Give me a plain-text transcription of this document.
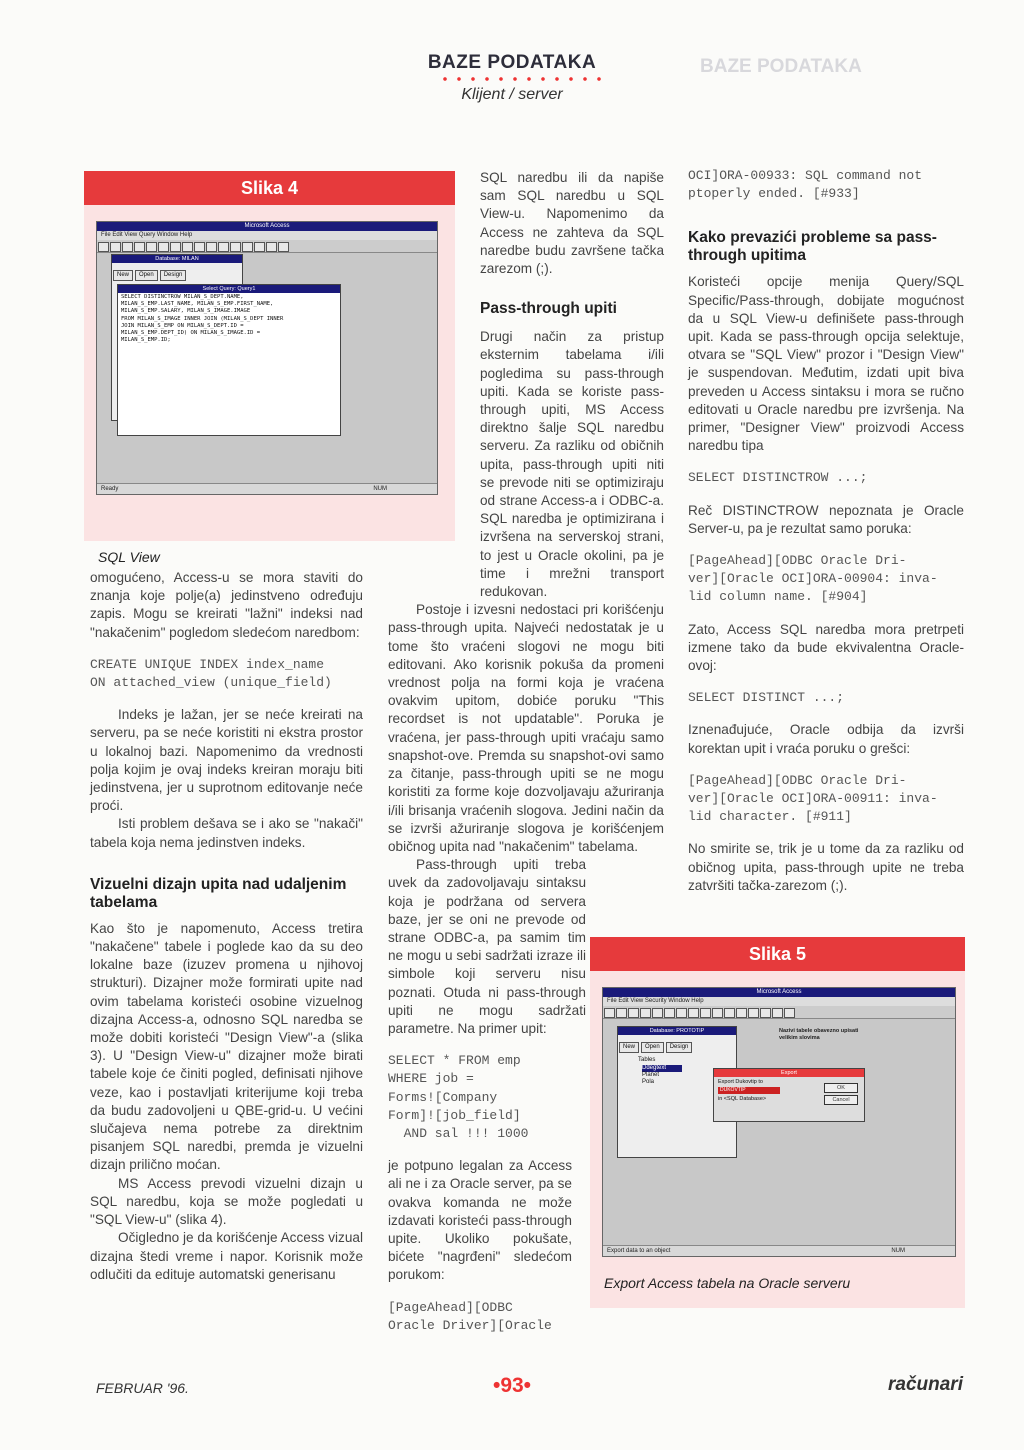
BAZE PODATAKA
BAZE PODATAKA
Klijent / server
Slika 4
Microsoft Access
File Edit View Query Window Help
Database: MILAN
New Open Design
Select Query: Query1
SELECT DISTINCTROW MILAN_S_DEPT.NAME,
MILAN_S_EMP.LAST_NAME, MILAN_S_EMP.FIRST_NAME,
MILAN_S_EMP.SALARY, MILAN_S_IMAGE.IMAGE
FROM MILAN_S_IMAGE INNER JOIN (MILAN_S_DEPT INNER
JOIN MILAN_S_EMP ON MILAN_S_DEPT.ID =
MILAN_S_EMP.DEPT_ID) ON MILAN_S_IMAGE.ID =
MILAN_S_EMP.ID;
Ready	NUM
SQL View

omogućeno, Access-u se mora staviti do znanja koje polje(a) jedinstveno određuju zapis. Mogu se kreirati "lažni" indeksi nad "nakačenim" pogledom sledećom naredbom:

CREATE UNIQUE INDEX index_name
ON attached_view (unique_field)

Indeks je lažan, jer se neće kreirati na serveru, pa se neće koristiti ni ekstra prostor u lokalnoj bazi. Napomenimo da vrednosti polja kojim je ovaj indeks kreiran moraju biti jedinstvena, jer u suprotnom editovanje neće proći.

Isti problem dešava se i ako se "nakači" tabela koja nema jedinstven indeks.

Vizuelni dizajn upita nad udaljenim tabelama

Kao što je napomenuto, Access tretira "nakačene" tabele i poglede kao da su deo lokalne baze (izuzev promena u njihovoj strukturi). Dizajner može formirati upite nad ovim tabelama koristeći osobine vizuelnog dizajna Access-a, odnosno SQL naredba se može dobiti koristeći "Design View"-a (slika 3). U "Design View-u" dizajner može birati tabele koje će činiti pogled, definisati njihove veze, kao i postavljati kriterijume koji treba da budu zadovoljeni u QBE-grid-u. U većini slučajeva nema potrebe za direktnim pisanjem SQL naredbi, premda je vizuelni dizajn prilično moćan.

MS Access prevodi vizuelni dizajn u SQL naredbu, koja se može pogledati u "SQL View-u" (slika 4).

Očigledno je da korišćenje Access vizual dizajna štedi vreme i napor. Korisnik može odlučiti da edituje automatski generisanu

SQL naredbu ili da napiše sam SQL naredbu u SQL View-u. Napomenimo da Access ne zahteva da SQL naredbe budu završene tačka zarezom (;).

Pass-through upiti

Drugi način za pristup eksternim tabelama i/ili pogledima su pass-through upiti. Kada se koriste pass-through upiti, MS Access direktno šalje SQL naredbu serveru. Za razliku od običnih upita, pass-through upiti niti se prevode niti se optimiziraju od strane Access-a i ODBC-a. SQL naredba je optimizirana i izvršena na serverskoj strani, to jest u Oracle okolini, pa je time i mrežni transport redukovan.

Postoje i izvesni nedostaci pri korišćenju pass-through upita. Najveći nedostatak je u tome što vraćeni slogovi ne mogu biti editovani. Ako korisnik pokuša da promeni vrednost polja na formi koja je vraćena ovakvim upitom, dobiće poruku "This recordset is not updatable". Poruka je vraćena, jer pass-through upiti vraćaju samo snapshot-ove. Premda su snapshot-ovi samo za čitanje, pass-through upiti se ne mogu koristiti za forme koje dozvoljavaju ažuriranja i/ili brisanja vraćenih slogova. Jedini način da se izvrši ažuriranje slogova je korišćenjem običnog upita nad "nakačenim" tabelama.

Pass-through upiti treba uvek da zadovoljavaju sintaksu koja je podržana od servera baze, jer se oni ne prevode od strane ODBC-a, pa samim tim ne mogu u sebi sadržati izraze ili simbole koji serveru nisu poznati. Otuda ni pass-through upiti ne mogu sadržati parametre. Na primer upit:

SELECT * FROM emp
WHERE job =
Forms![Company
Form]![job_field]
AND sal !!! 1000

je potpuno legalan za Access ali ne i za Oracle server, pa se ovakva komanda ne može izdavati koristeći pass-through upite. Ukoliko pokušate, bićete "nagrđeni" sledećom porukom:

[PageAhead][ODBC
Oracle Driver][Oracle
OCI]ORA-00933: SQL command not
ptoperly ended. [#933]
Kako prevazići probleme sa pass-through upitima

Koristeći opcije menija Query/SQL Specific/Pass-through, dobijate mogućnost da u SQL View-u definišete pass-through upit. Kada se pass-through opcija selektuje, otvara se "SQL View" prozor i "Design View" je suspendovan. Međutim, izdati upit biva preveden u Access sintaksu i mora se ručno editovati u Oracle naredbu pre izvršenja. Na primer, "Designer View" proizvodi Access naredbu tipa

SELECT DISTINCTROW ...;

Reč DISTINCTROW nepoznata je Oracle Server-u, pa je rezultat samo poruka:

[PageAhead][ODBC Oracle Dri-
ver][Oracle OCI]ORA-00904: inva-
lid column name. [#904]

Zato, Access SQL naredba mora pretrpeti izmene tako da bude ekvivalentna Oracle-ovoj:

SELECT DISTINCT ...;

Iznenađujuće, Oracle odbija da izvrši korektan upit i vraća poruku o grešci:

[PageAhead][ODBC Oracle Dri-
ver][Oracle OCI]ORA-00911: inva-
lid character. [#911]

No smirite se, trik je u tome da za razliku od običnog upita, pass-through upite ne treba zatvršiti tačka-zarezom (;).

Slika 5
Microsoft Access
File Edit View Security Window Help
Database: PROTOTIP
New Open Design
Tables
Ddegtext
Planet
Pola
Nazivi tabele obavezno upisati velikim slovima
Export
Export Dukovtip to
DUKOVTIP
in <SQL Database>
OK
Cancel
Export data to an object	NUM
Export Access tabela na Oracle serveru
FEBRUAR '96.	•93•	računari
